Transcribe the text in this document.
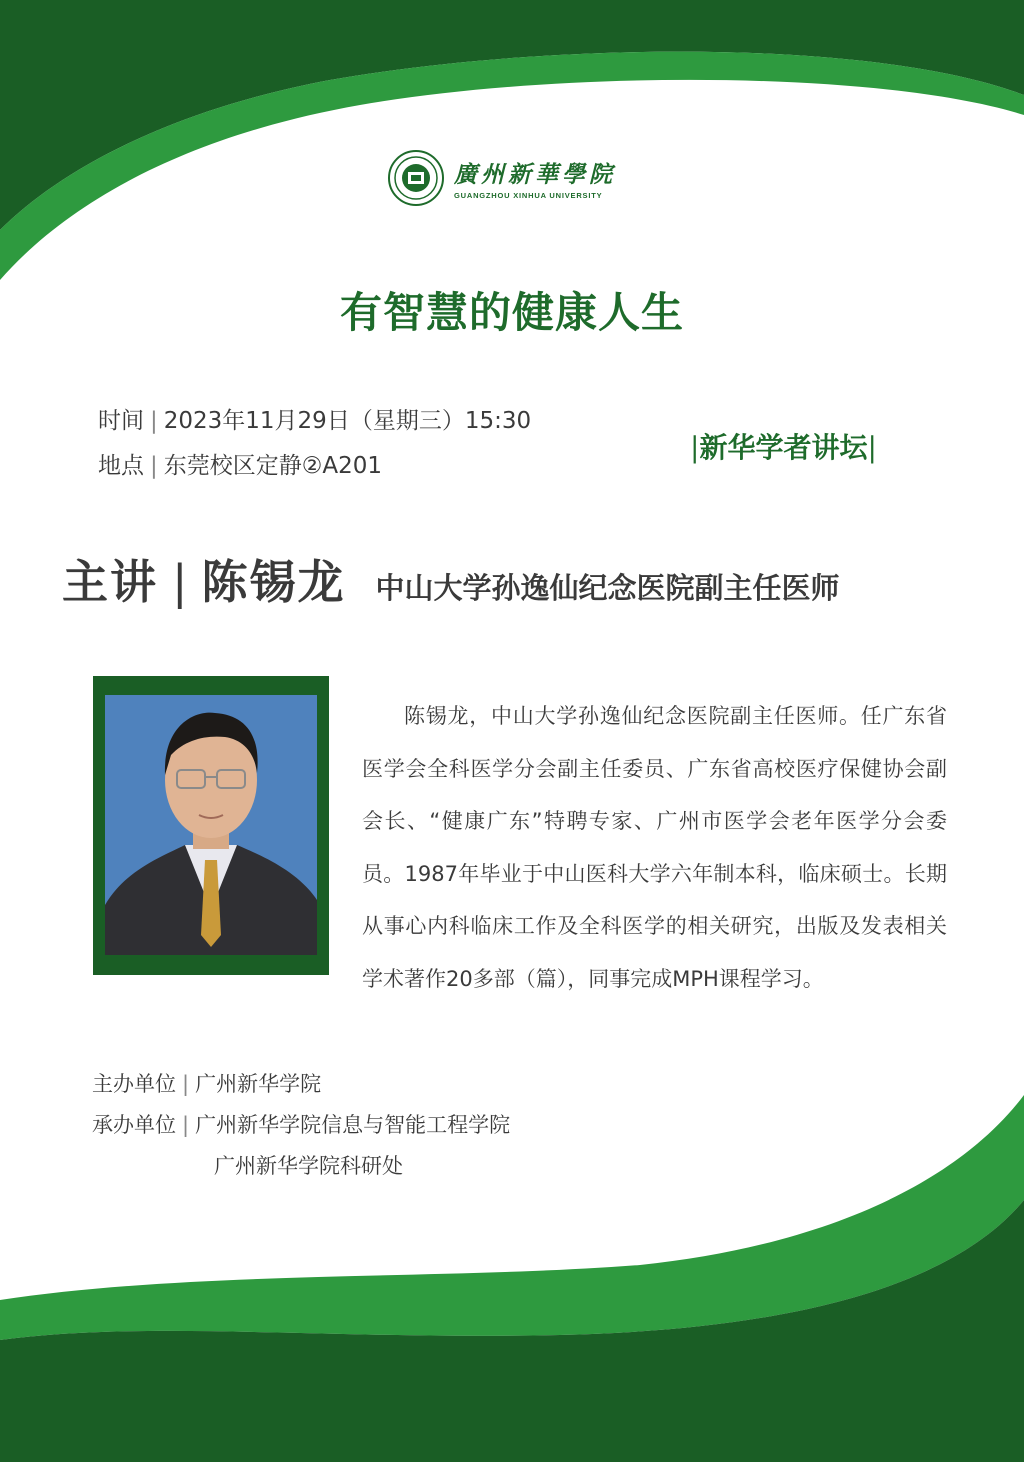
廣州新華學院
GUANGZHOU XINHUA UNIVERSITY
有智慧的健康人生
时间 | 2023年11月29日（星期三）15:30
地点 | 东莞校区定静②A201
|新华学者讲坛|
主讲 | 陈锡龙 中山大学孙逸仙纪念医院副主任医师
陈锡龙，中山大学孙逸仙纪念医院副主任医师。任广东省医学会全科医学分会副主任委员、广东省高校医疗保健协会副会长、“健康广东”特聘专家、广州市医学会老年医学分会委员。1987年毕业于中山医科大学六年制本科，临床硕士。长期从事心内科临床工作及全科医学的相关研究，出版及发表相关学术著作20多部（篇），同事完成MPH课程学习。
主办单位 | 广州新华学院
承办单位 | 广州新华学院信息与智能工程学院
广州新华学院科研处
